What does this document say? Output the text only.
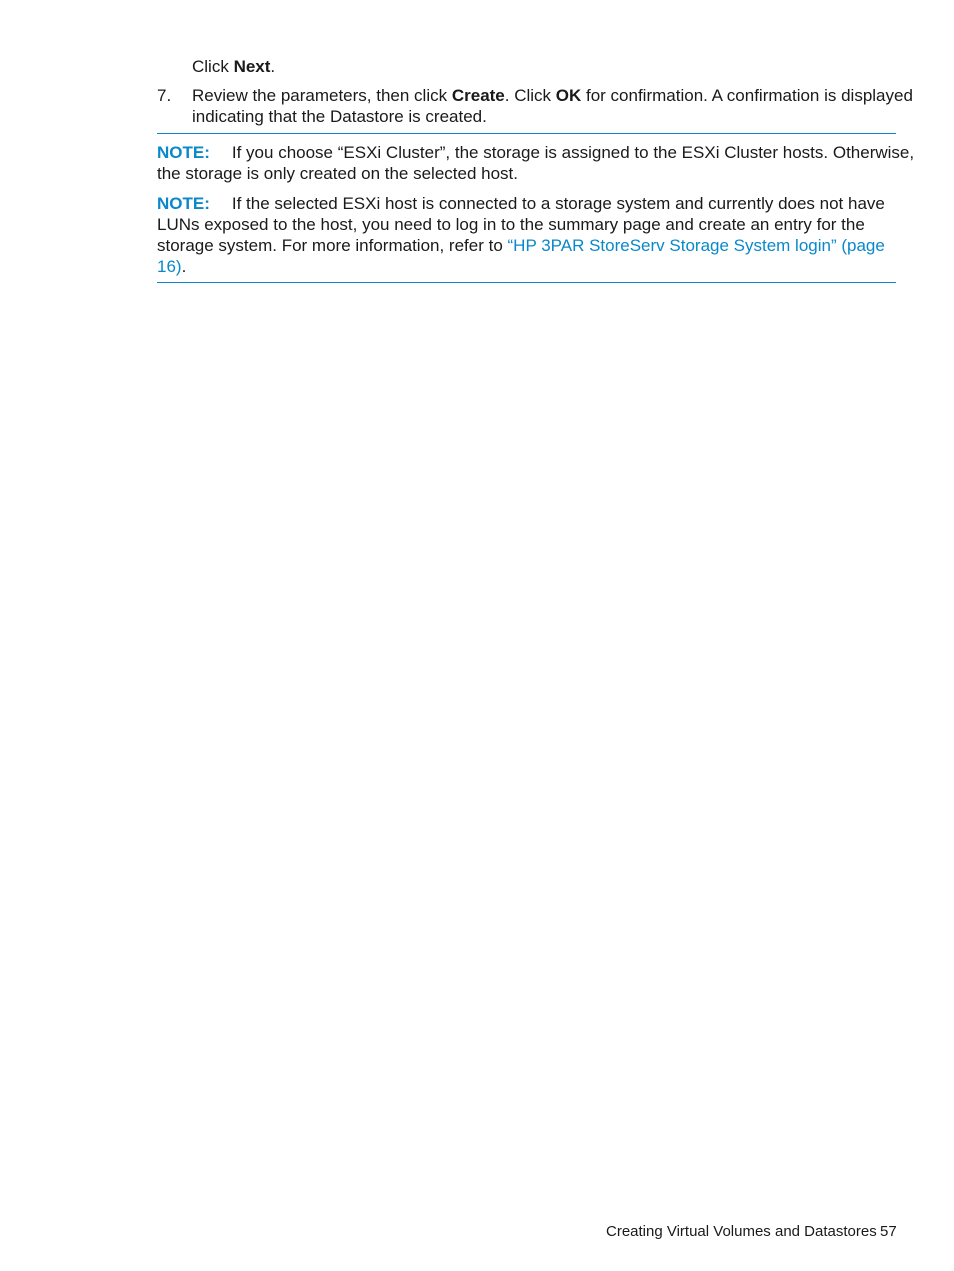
Click Next.
7. Review the parameters, then click Create. Click OK for confirmation. A confirmation is displayed
indicating that the Datastore is created.
NOTE: If you choose “ESXi Cluster”, the storage is assigned to the ESXi Cluster hosts. Otherwise,
the storage is only created on the selected host.
NOTE: If the selected ESXi host is connected to a storage system and currently does not have
LUNs exposed to the host, you need to log in to the summary page and create an entry for the
storage system. For more information, refer to “HP 3PAR StoreServ Storage System login” (page
16).
Creating Virtual Volumes and Datastores 57
